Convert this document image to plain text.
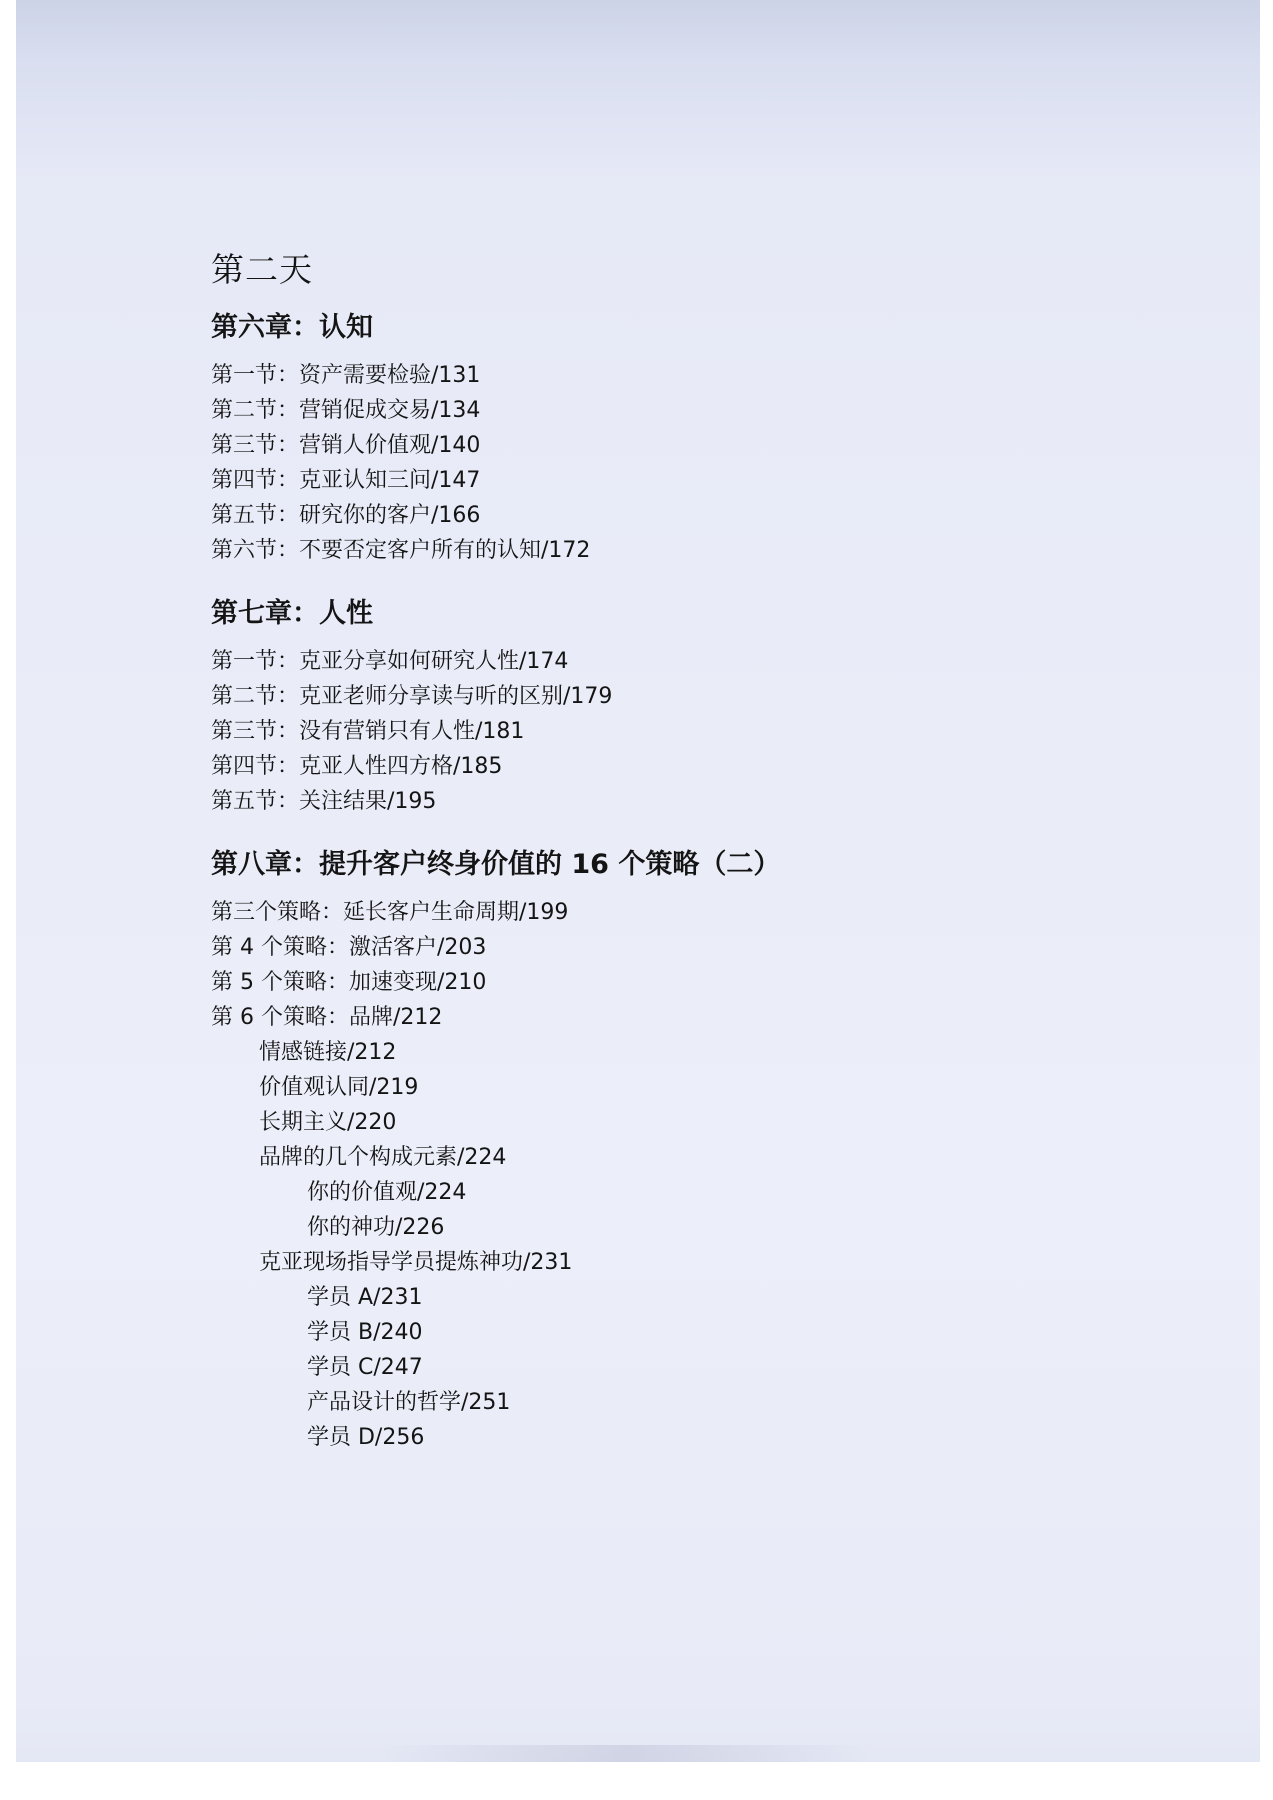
第二天
第六章：认知
第一节：资产需要检验/131
第二节：营销促成交易/134
第三节：营销人价值观/140
第四节：克亚认知三问/147
第五节：研究你的客户/166
第六节：不要否定客户所有的认知/172
第七章：人性
第一节：克亚分享如何研究人性/174
第二节：克亚老师分享读与听的区别/179
第三节：没有营销只有人性/181
第四节：克亚人性四方格/185
第五节：关注结果/195
第八章：提升客户终身价值的 16 个策略（二）
第三个策略：延长客户生命周期/199
第 4 个策略：激活客户/203
第 5 个策略：加速变现/210
第 6 个策略：品牌/212
情感链接/212
价值观认同/219
长期主义/220
品牌的几个构成元素/224
你的价值观/224
你的神功/226
克亚现场指导学员提炼神功/231
学员 A/231
学员 B/240
学员 C/247
产品设计的哲学/251
学员 D/256
